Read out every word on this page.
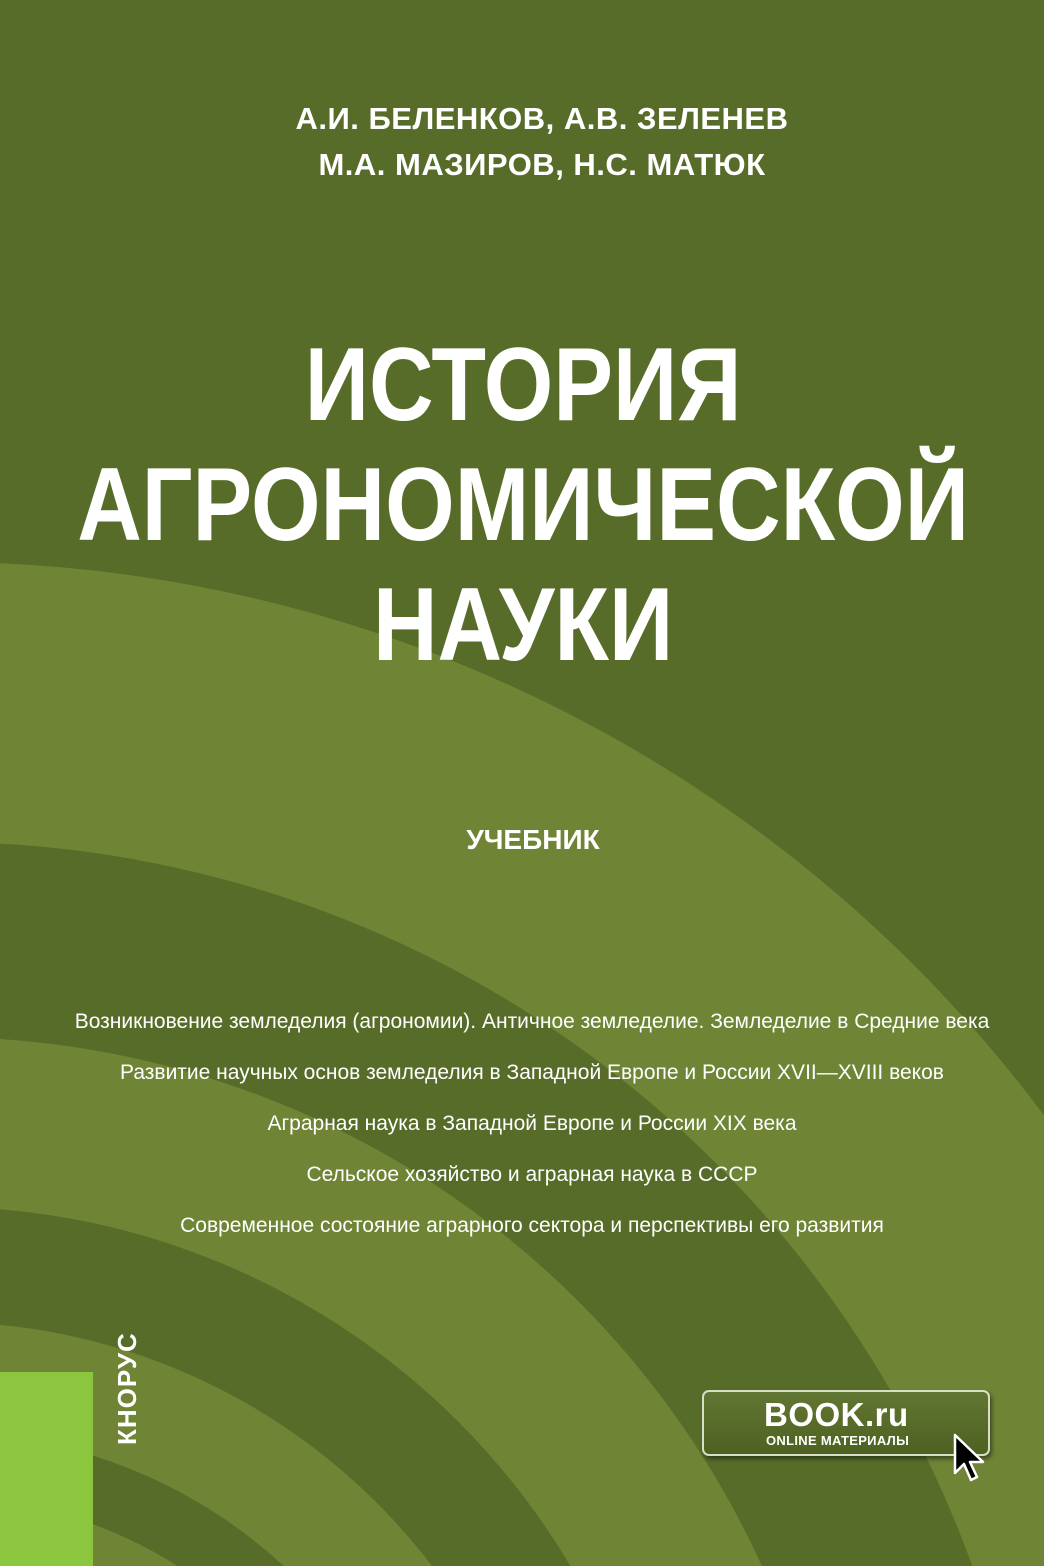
А.И. БЕЛЕНКОВ, А.В. ЗЕЛЕНЕВ
М.А. МАЗИРОВ, Н.С. МАТЮК
ИСТОРИЯ
АГРОНОМИЧЕСКОЙ
НАУКИ
УЧЕБНИК
Возникновение земледелия (агрономии). Античное земледелие. Земледелие в Средние века
Развитие научных основ земледелия в Западной Европе и России XVII—XVIII веков
Аграрная наука в Западной Европе и России XIX века
Сельское хозяйство и аграрная наука в СССР
Современное состояние аграрного сектора и перспективы его развития
КНОРУС	BOOK.ru
ONLINE МАТЕРИАЛЫ
